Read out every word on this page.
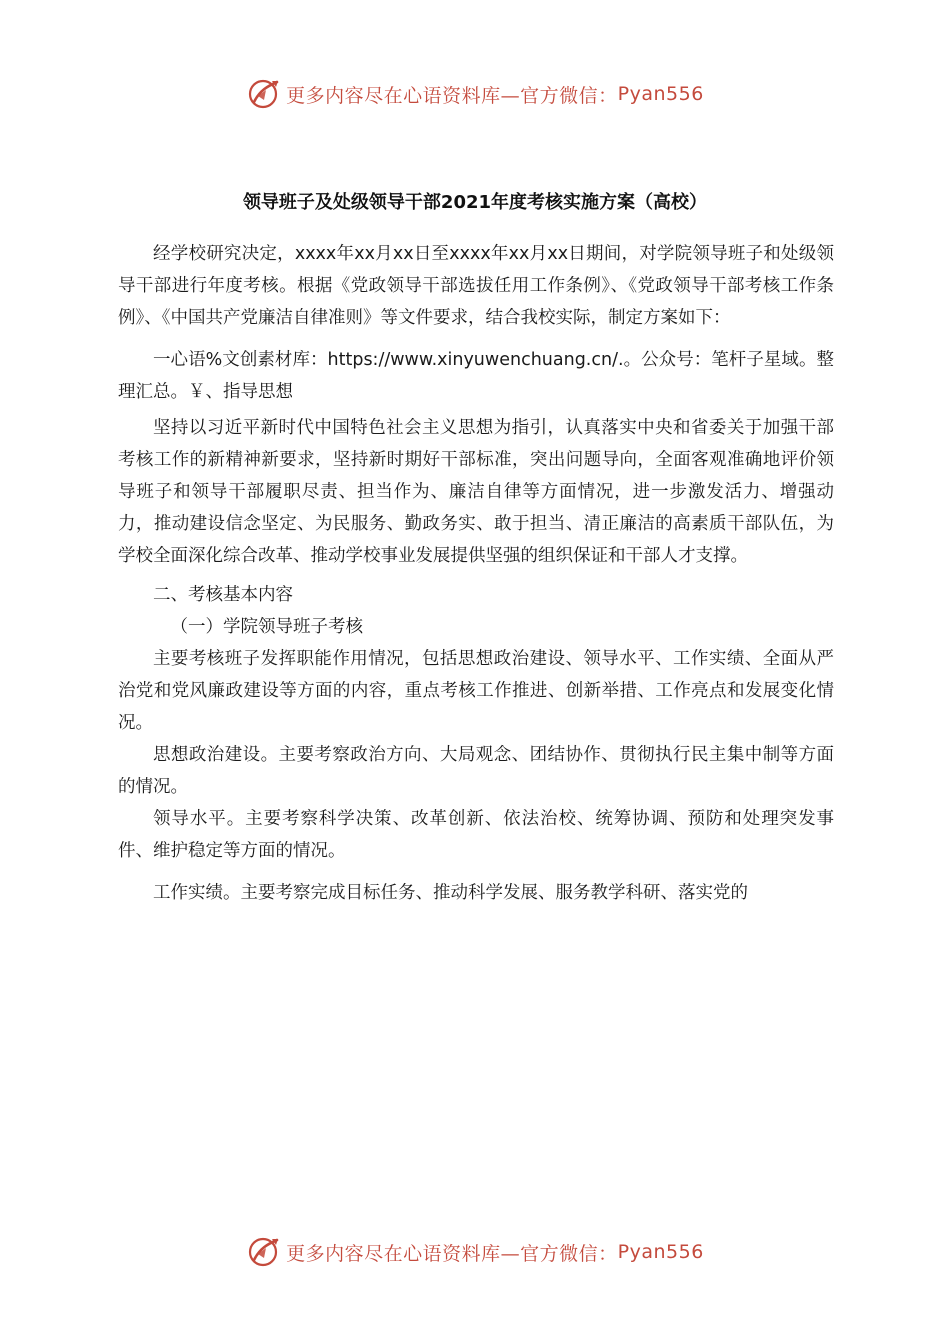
更多内容尽在心语资料库—官方微信： Pyan556
领导班子及处级领导干部2021年度考核实施方案（高校）

经学校研究决定，xxxx年xx月xx日至xxxx年xx月xx日期间，对学院领导班子和处级领导干部进行年度考核。根据《党政领导干部选拔任用工作条例》、《党政领导干部考核工作条例》、《中国共产党廉洁自律准则》等文件要求，结合我校实际，制定方案如下：

一心语%文创素材库：https://www.xinyuwenchuang.cn/.。公众号：笔杆子星域。整理汇总。￥、指导思想

坚持以习近平新时代中国特色社会主义思想为指引，认真落实中央和省委关于加强干部考核工作的新精神新要求，坚持新时期好干部标准，突出问题导向，全面客观准确地评价领导班子和领导干部履职尽责、担当作为、廉洁自律等方面情况，进一步激发活力、增强动力，推动建设信念坚定、为民服务、勤政务实、敢于担当、清正廉洁的高素质干部队伍，为学校全面深化综合改革、推动学校事业发展提供坚强的组织保证和干部人才支撑。

二、考核基本内容

（一）学院领导班子考核

主要考核班子发挥职能作用情况，包括思想政治建设、领导水平、工作实绩、全面从严治党和党风廉政建设等方面的内容，重点考核工作推进、创新举措、工作亮点和发展变化情况。

思想政治建设。主要考察政治方向、大局观念、团结协作、贯彻执行民主集中制等方面的情况。

领导水平。主要考察科学决策、改革创新、依法治校、统筹协调、预防和处理突发事件、维护稳定等方面的情况。

工作实绩。主要考察完成目标任务、推动科学发展、服务教学科研、落实党的

更多内容尽在心语资料库—官方微信： Pyan556
